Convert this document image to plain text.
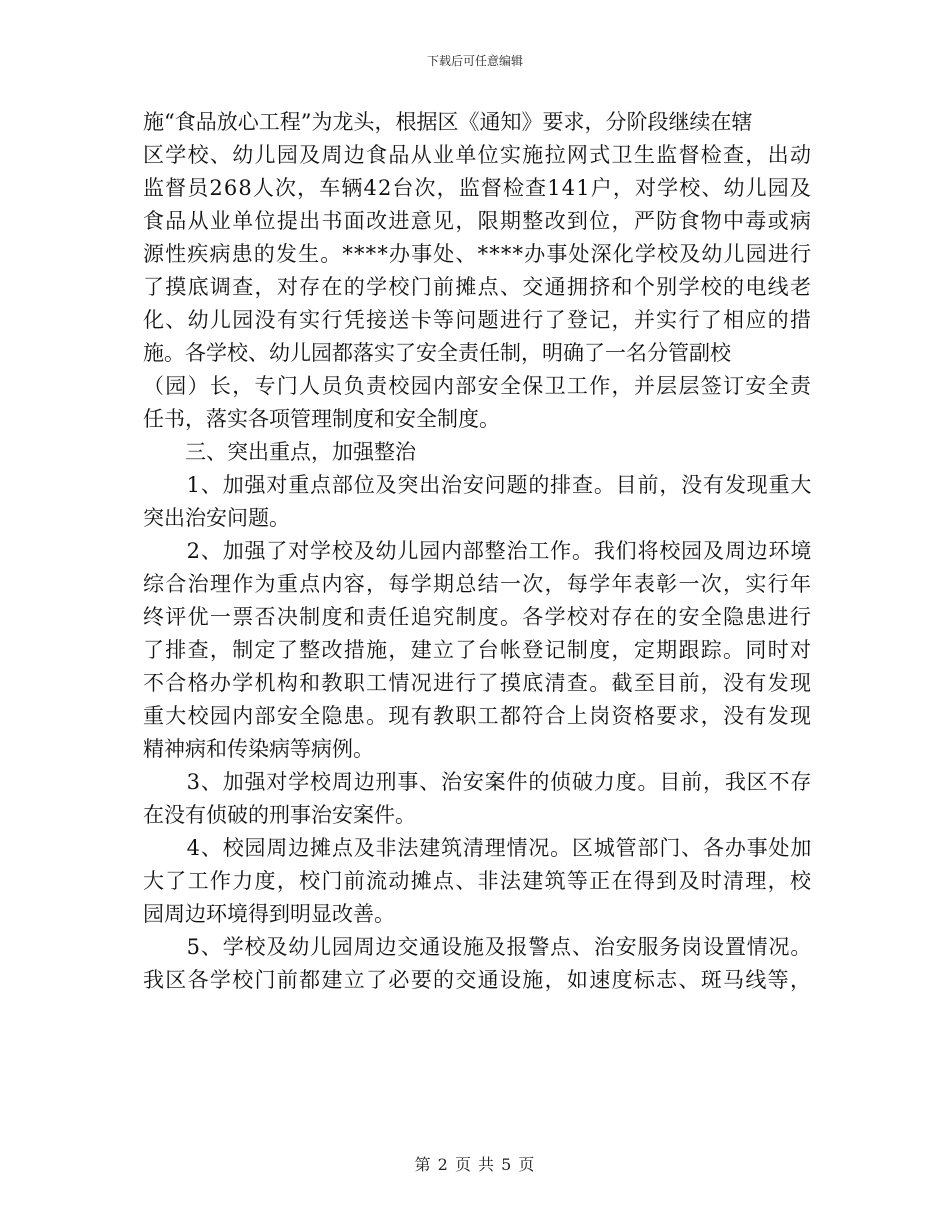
下载后可任意编辑
施“食品放心工程”为龙头，根据区《通知》要求，分阶段继续在辖
区学校、幼儿园及周边食品从业单位实施拉网式卫生监督检查，出动
监督员268人次，车辆42台次，监督检查141户，对学校、幼儿园及
食品从业单位提出书面改进意见，限期整改到位，严防食物中毒或病
源性疾病患的发生。****办事处、****办事处深化学校及幼儿园进行
了摸底调查，对存在的学校门前摊点、交通拥挤和个别学校的电线老
化、幼儿园没有实行凭接送卡等问题进行了登记，并实行了相应的措
施。各学校、幼儿园都落实了安全责任制，明确了一名分管副校
（园）长，专门人员负责校园内部安全保卫工作，并层层签订安全责
任书，落实各项管理制度和安全制度。
　　三、突出重点，加强整治
　　1、加强对重点部位及突出治安问题的排查。目前，没有发现重大
突出治安问题。
　　2、加强了对学校及幼儿园内部整治工作。我们将校园及周边环境
综合治理作为重点内容，每学期总结一次，每学年表彰一次，实行年
终评优一票否决制度和责任追究制度。各学校对存在的安全隐患进行
了排查，制定了整改措施，建立了台帐登记制度，定期跟踪。同时对
不合格办学机构和教职工情况进行了摸底清查。截至目前，没有发现
重大校园内部安全隐患。现有教职工都符合上岗资格要求，没有发现
精神病和传染病等病例。
　　3、加强对学校周边刑事、治安案件的侦破力度。目前，我区不存
在没有侦破的刑事治安案件。
　　4、校园周边摊点及非法建筑清理情况。区城管部门、各办事处加
大了工作力度，校门前流动摊点、非法建筑等正在得到及时清理，校
园周边环境得到明显改善。
　　5、学校及幼儿园周边交通设施及报警点、治安服务岗设置情况。
我区各学校门前都建立了必要的交通设施，如速度标志、斑马线等，
第 2 页 共 5 页
